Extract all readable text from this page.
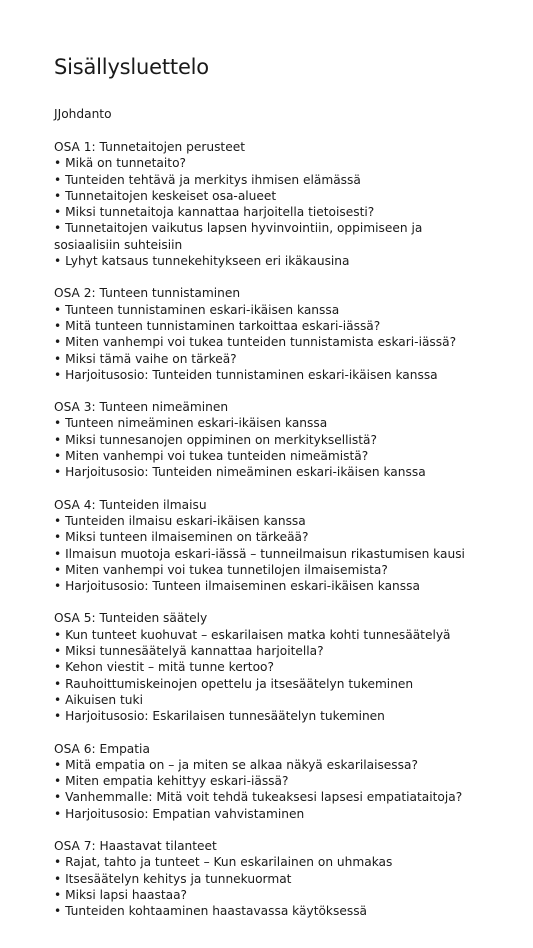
Sisällysluettelo

JJohdanto

OSA 1: Tunnetaitojen perusteet

• Mikä on tunnetaito?
• Tunteiden tehtävä ja merkitys ihmisen elämässä
• Tunnetaitojen keskeiset osa-alueet
• Miksi tunnetaitoja kannattaa harjoitella tietoisesti?
• Tunnetaitojen vaikutus lapsen hyvinvointiin, oppimiseen ja sosiaalisiin suhteisiin
• Lyhyt katsaus tunnekehitykseen eri ikäkausina

OSA 2: Tunteen tunnistaminen

• Tunteen tunnistaminen eskari-ikäisen kanssa
• Mitä tunteen tunnistaminen tarkoittaa eskari-iässä?
• Miten vanhempi voi tukea tunteiden tunnistamista eskari-iässä?
• Miksi tämä vaihe on tärkeä?
• Harjoitusosio: Tunteiden tunnistaminen eskari-ikäisen kanssa

OSA 3: Tunteen nimeäminen

• Tunteen nimeäminen eskari-ikäisen kanssa
• Miksi tunnesanojen oppiminen on merkityksellistä?
• Miten vanhempi voi tukea tunteiden nimeämistä?
• Harjoitusosio: Tunteiden nimeäminen eskari-ikäisen kanssa

OSA 4: Tunteiden ilmaisu

• Tunteiden ilmaisu eskari-ikäisen kanssa
• Miksi tunteen ilmaiseminen on tärkeää?
• Ilmaisun muotoja eskari-iässä – tunneilmaisun rikastumisen kausi
• Miten vanhempi voi tukea tunnetilojen ilmaisemista?
• Harjoitusosio: Tunteen ilmaiseminen eskari-ikäisen kanssa

OSA 5: Tunteiden säätely

• Kun tunteet kuohuvat – eskarilaisen matka kohti tunnesäätelyä
• Miksi tunnesäätelyä kannattaa harjoitella?
• Kehon viestit – mitä tunne kertoo?
• Rauhoittumiskeinojen opettelu ja itsesäätelyn tukeminen
• Aikuisen tuki
• Harjoitusosio: Eskarilaisen tunnesäätelyn tukeminen

OSA 6: Empatia

• Mitä empatia on – ja miten se alkaa näkyä eskarilaisessa?
• Miten empatia kehittyy eskari-iässä?
• Vanhemmalle: Mitä voit tehdä tukeaksesi lapsesi empatiataitoja?
• Harjoitusosio: Empatian vahvistaminen

OSA 7: Haastavat tilanteet

• Rajat, tahto ja tunteet – Kun eskarilainen on uhmakas
• Itsesäätelyn kehitys ja tunnekuormat
• Miksi lapsi haastaa?
• Tunteiden kohtaaminen haastavassa käytöksessä
